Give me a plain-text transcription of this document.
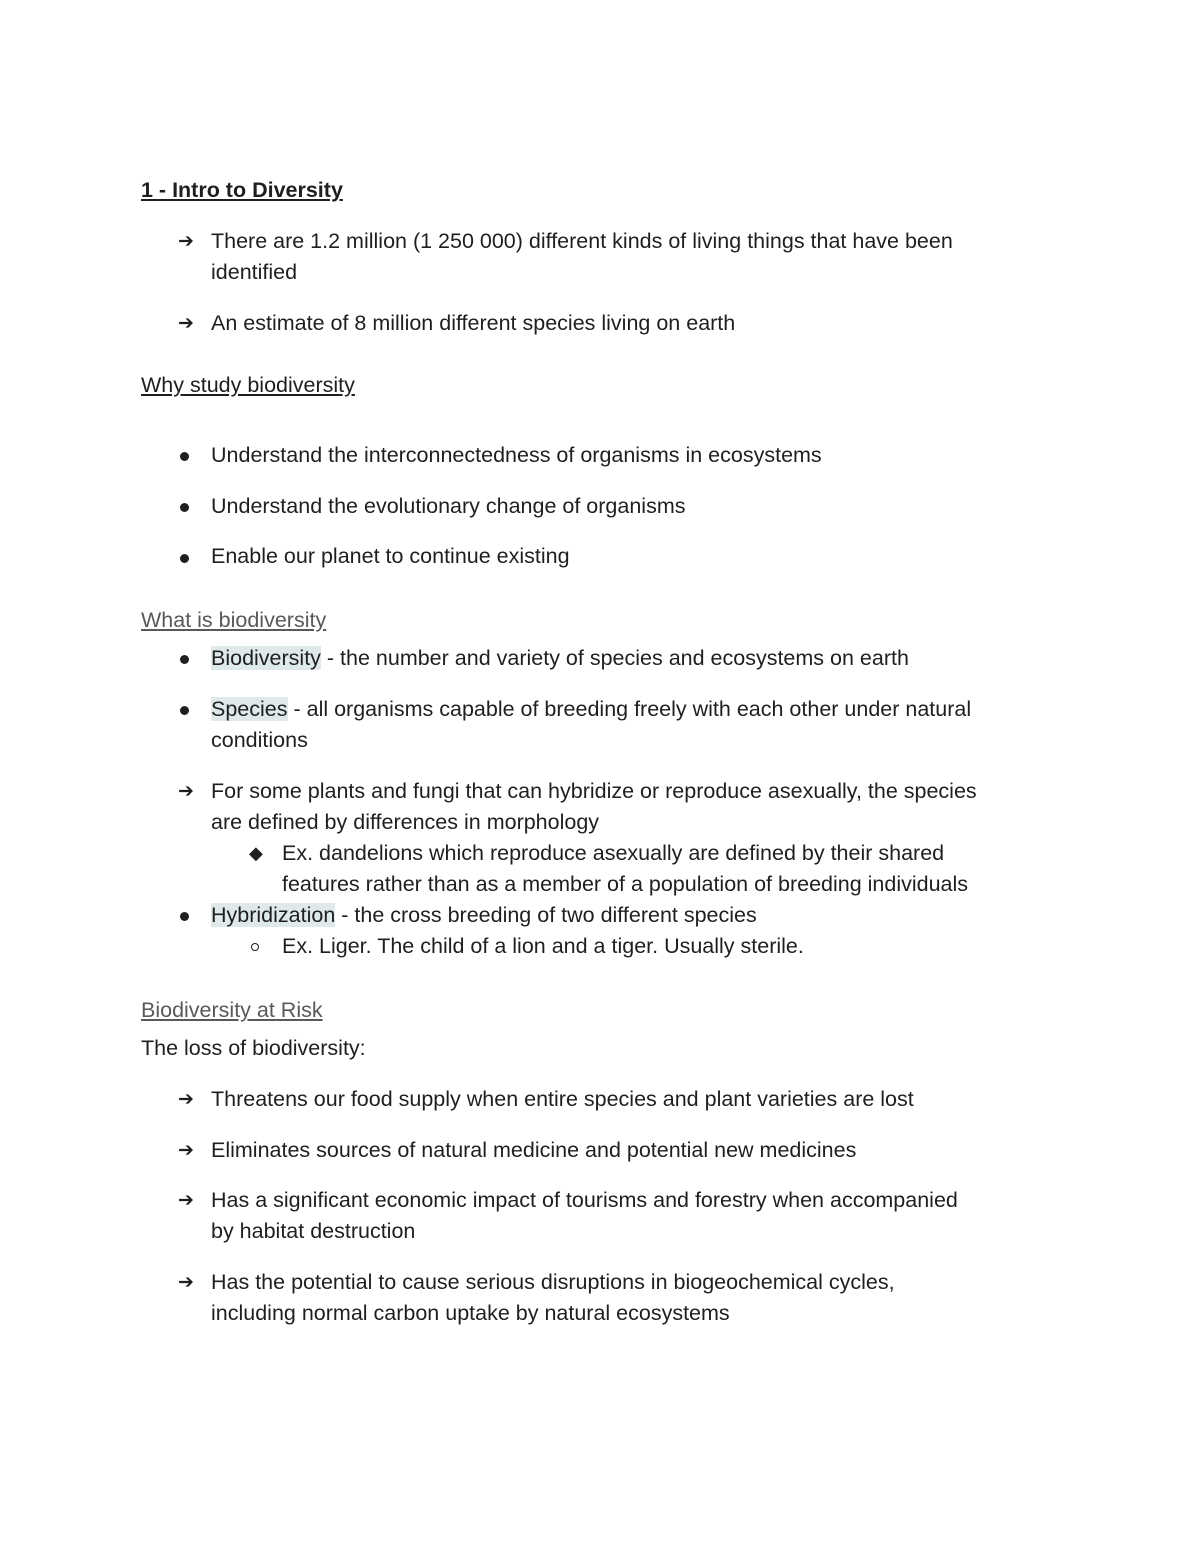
1 - Intro to Diversity
➔ There are 1.2 million (1 250 000) different kinds of living things that have been
identified
➔ An estimate of 8 million different species living on earth
Why study biodiversity
Understand the interconnectedness of organisms in ecosystems
Understand the evolutionary change of organisms
Enable our planet to continue existing
What is biodiversity
Biodiversity - the number and variety of species and ecosystems on earth
Species - all organisms capable of breeding freely with each other under natural
conditions
➔ For some plants and fungi that can hybridize or reproduce asexually, the species
are defined by differences in morphology
◆ Ex. dandelions which reproduce asexually are defined by their shared
features rather than as a member of a population of breeding individuals
Hybridization - the cross breeding of two different species
Ex. Liger. The child of a lion and a tiger. Usually sterile.
Biodiversity at Risk
The loss of biodiversity:
➔ Threatens our food supply when entire species and plant varieties are lost
➔ Eliminates sources of natural medicine and potential new medicines
➔ Has a significant economic impact of tourisms and forestry when accompanied
by habitat destruction
➔ Has the potential to cause serious disruptions in biogeochemical cycles,
including normal carbon uptake by natural ecosystems
